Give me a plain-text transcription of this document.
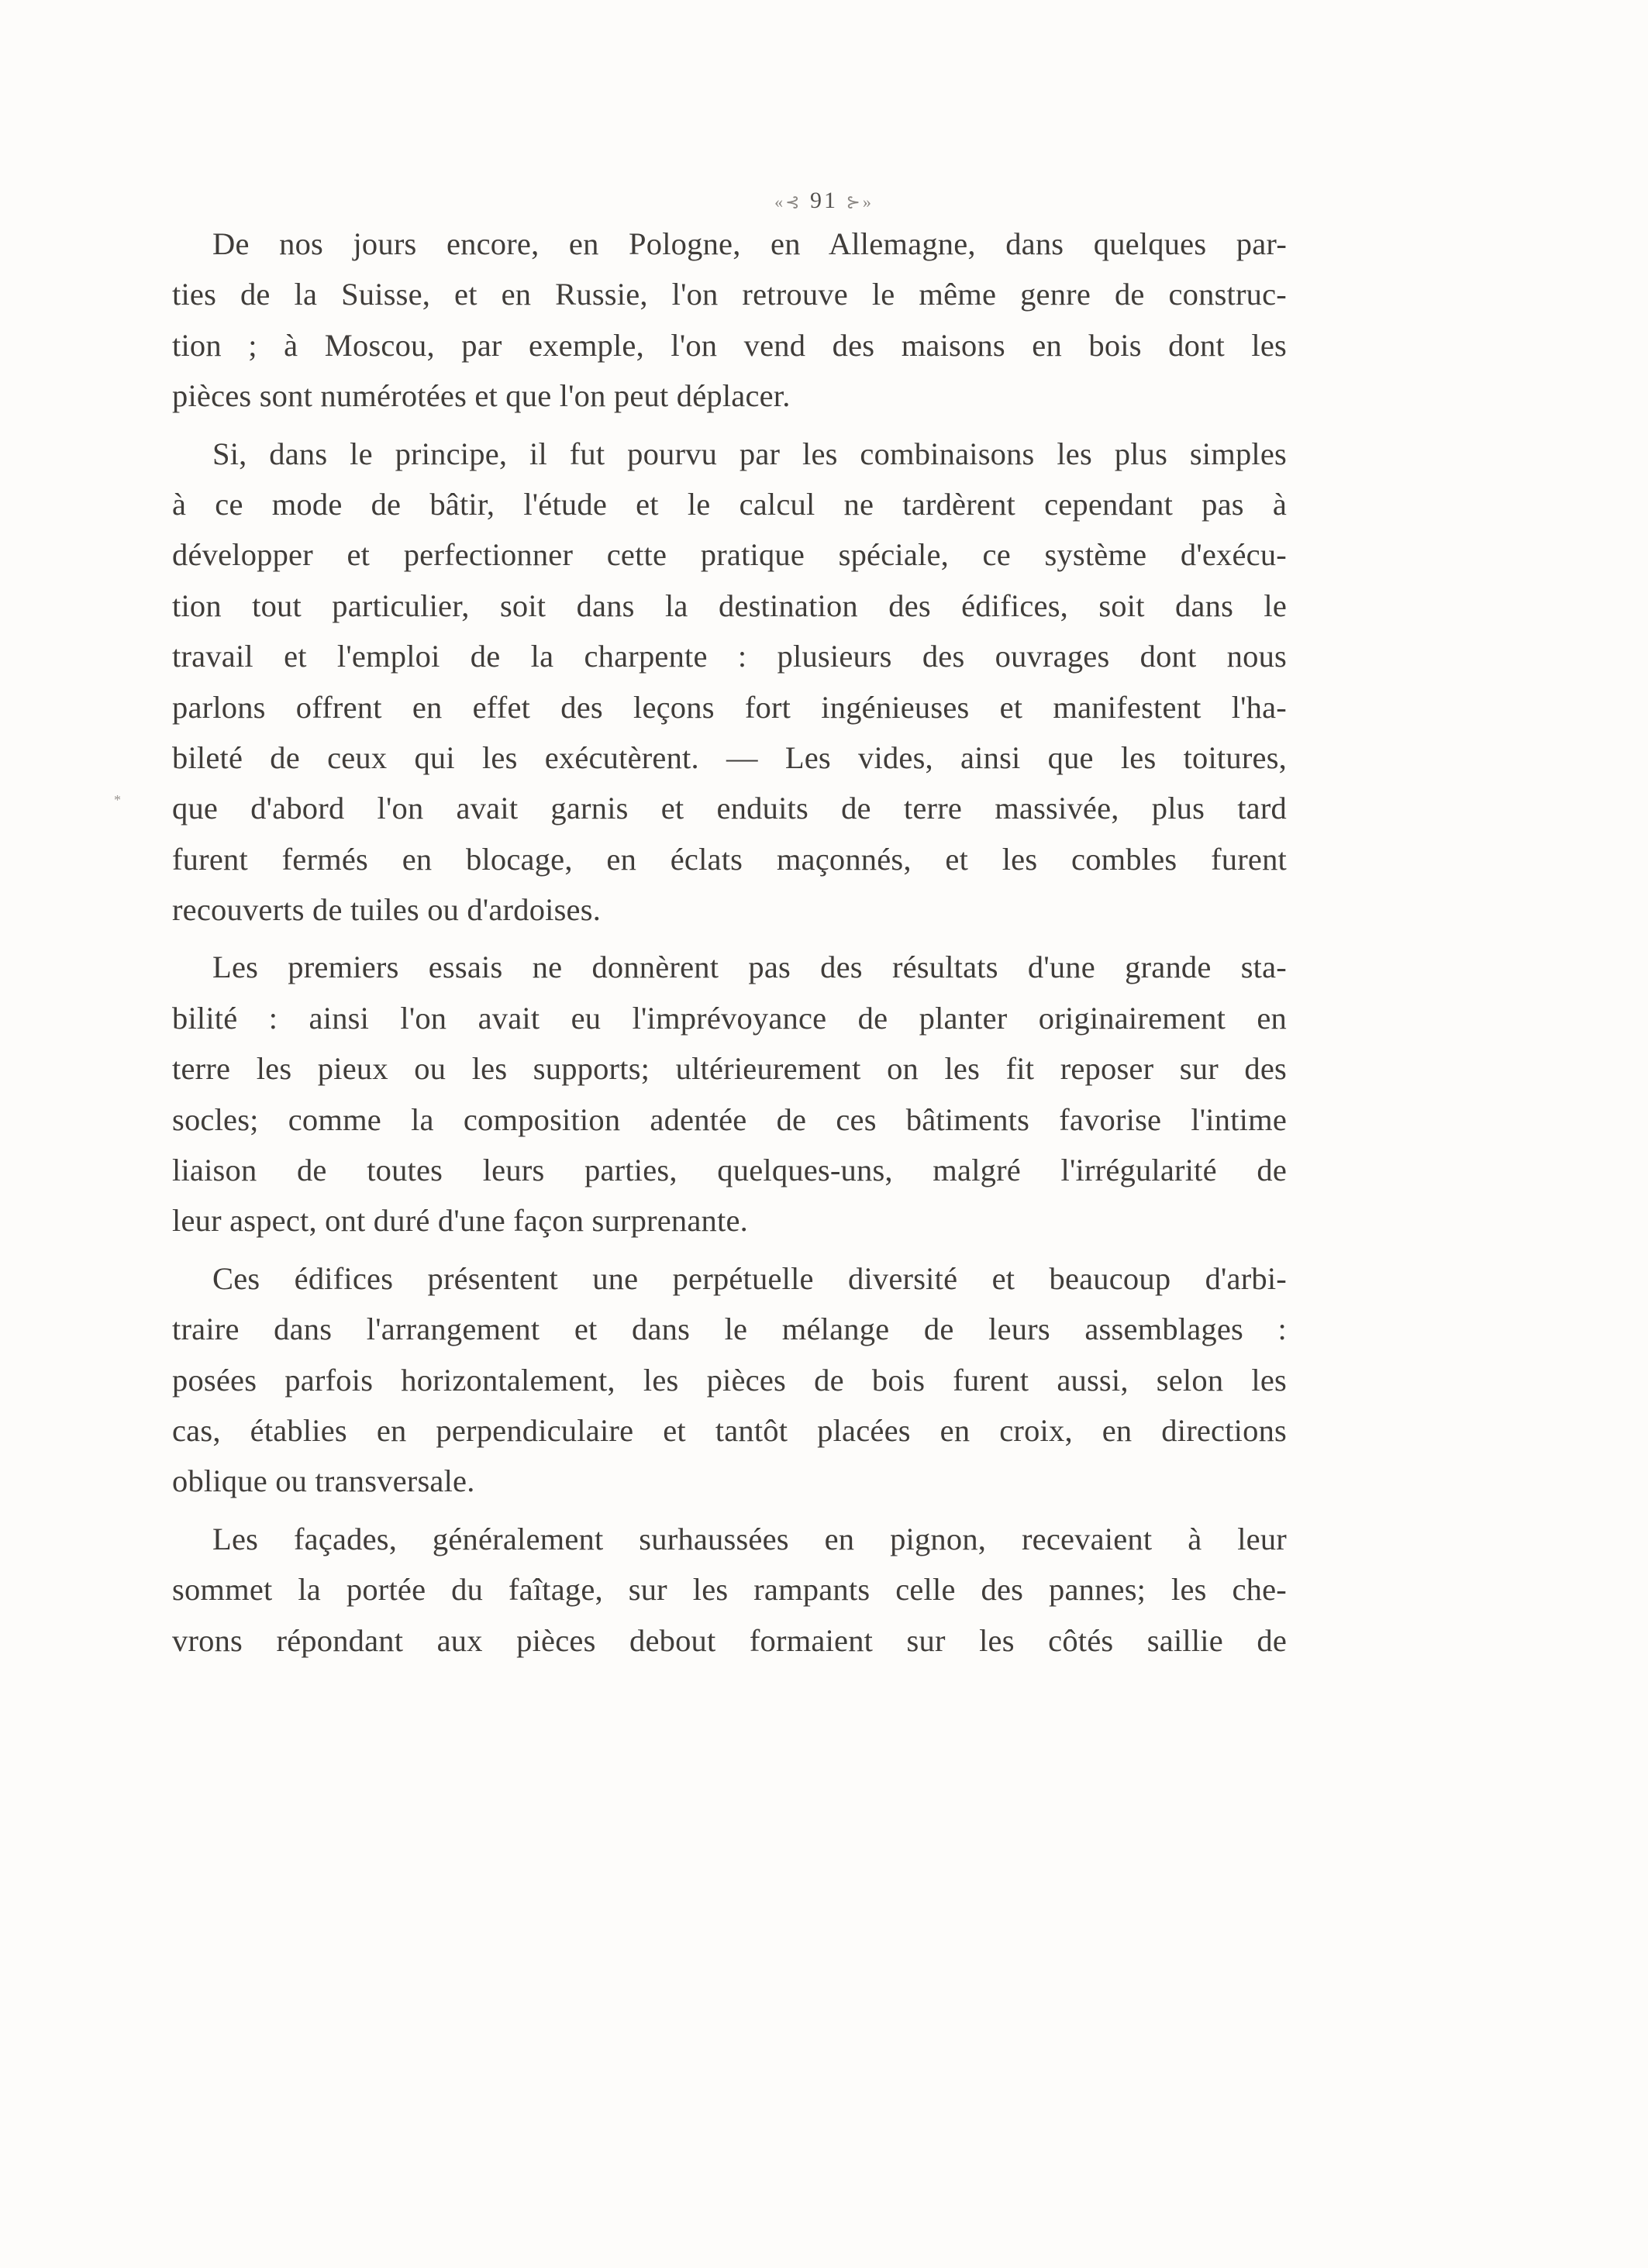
«⊰ 91 ⊱»
*
De nos jours encore, en Pologne, en Allemagne, dans quelques par-
ties de la Suisse, et en Russie, l'on retrouve le même genre de construc-
tion ; à Moscou, par exemple, l'on vend des maisons en bois dont les
pièces sont numérotées et que l'on peut déplacer.
Si, dans le principe, il fut pourvu par les combinaisons les plus simples
à ce mode de bâtir, l'étude et le calcul ne tardèrent cependant pas à
développer et perfectionner cette pratique spéciale, ce système d'exécu-
tion tout particulier, soit dans la destination des édifices, soit dans le
travail et l'emploi de la charpente : plusieurs des ouvrages dont nous
parlons offrent en effet des leçons fort ingénieuses et manifestent l'ha-
bileté de ceux qui les exécutèrent. — Les vides, ainsi que les toitures,
que d'abord l'on avait garnis et enduits de terre massivée, plus tard
furent fermés en blocage, en éclats maçonnés, et les combles furent
recouverts de tuiles ou d'ardoises.
Les premiers essais ne donnèrent pas des résultats d'une grande sta-
bilité : ainsi l'on avait eu l'imprévoyance de planter originairement en
terre les pieux ou les supports; ultérieurement on les fit reposer sur des
socles; comme la composition adentée de ces bâtiments favorise l'intime
liaison de toutes leurs parties, quelques-uns, malgré l'irrégularité de
leur aspect, ont duré d'une façon surprenante.
Ces édifices présentent une perpétuelle diversité et beaucoup d'arbi-
traire dans l'arrangement et dans le mélange de leurs assemblages :
posées parfois horizontalement, les pièces de bois furent aussi, selon les
cas, établies en perpendiculaire et tantôt placées en croix, en directions
oblique ou transversale.
Les façades, généralement surhaussées en pignon, recevaient à leur
sommet la portée du faîtage, sur les rampants celle des pannes; les che-
vrons répondant aux pièces debout formaient sur les côtés saillie de
